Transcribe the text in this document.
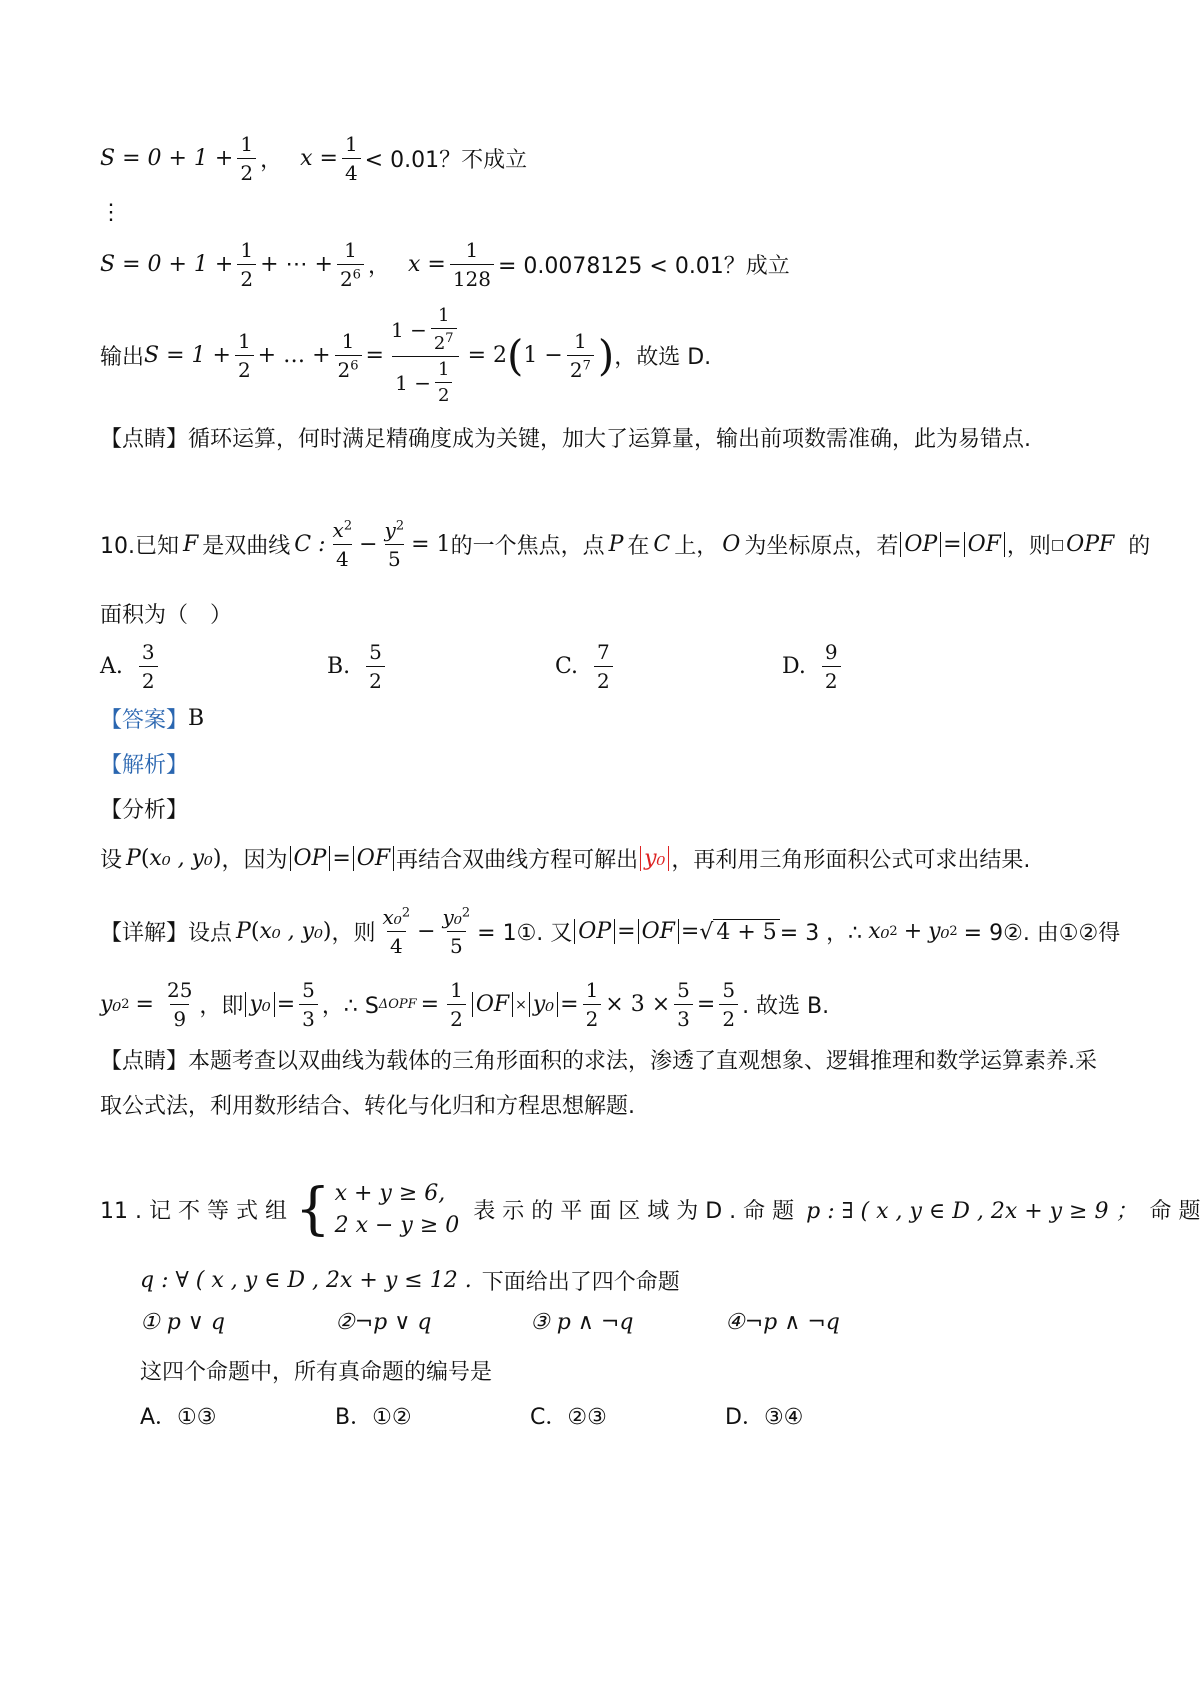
$S = 0 + 1 + \frac{1}{2}$ ， $x = \frac{1}{4} < 0.01$？不成立
⋮
$S = 0 + 1 + \frac{1}{2}$ + ⋯ + $\frac{1}{2^6}$ ， $x = \frac{1}{128} = 0.0078125 < 0.01$？成立
输出 $S = 1 + \frac{1}{2}$ + … + $\frac{1}{2^6} = \frac{1 - \frac{1}{2^7}}{1 - \frac{1}{2}} = 2$ ( $1 - \frac{1}{2^7}$ ) ，故选 D.
【点睛】循环运算，何时满足精确度成为关键，加大了运算量，输出前项数需准确，此为易错点.
10.已知 F 是双曲线 C : $\frac{x^2}{4} - \frac{y^2}{5} = 1$ 的一个焦点，点 P 在 C 上， O 为坐标原点，若 OP = OF ，则 □ OPF 的
面积为（　）
A. $\frac{3}{2}$	B. $\frac{5}{2}$	C. $\frac{7}{2}$	D. $\frac{9}{2}$
【答案】 B
【解析】
【分析】
设 P (x₀ , y₀) ，因为 OP = OF 再结合双曲线方程可解出 y₀ ，再利用三角形面积公式可求出结果.
【详解】 设点 P (x₀ , y₀) ，则 $\frac{x_0^2}{4} - \frac{y_0^2}{5}$ = 1①. 又 OP = OF = √ 4 + 5 = 3 ，∴ x₀ 2 + y₀ 2 = 9②. 由①②得
y₀ $2 = \frac{25}{9}$ ，即 $y_0 = \frac{5}{3}$ ，∴ S $\Delta OPF = \frac{1}{2}$ OF × $y_0 = \frac{1}{2} \times 3 \times \frac{5}{3} = \frac{5}{2}$ . 故选 B.
【点睛】本题考查以双曲线为载体的三角形面积的求法，渗透了直观想象、逻辑推理和数学运算素养.采
取公式法，利用数形结合、转化与化归和方程思想解题.
11 . 记 不 等 式 组 { x + y ≥ 6,
2 x − y ≥ 0
表 示 的 平 面 区 域 为 D . 命 题 p : ∃ ( x , y ∈ D , 2x + y ≥ 9 ； 命 题
q : ∀ ( x , y ∈ D , 2x + y ≤ 12 . 下面给出了四个命题
① p ∨ q	②¬p ∨ q	③ p ∧ ¬q	④¬p ∧ ¬q
这四个命题中，所有真命题的编号是
A．①③	B．①②	C．②③	D．③④
